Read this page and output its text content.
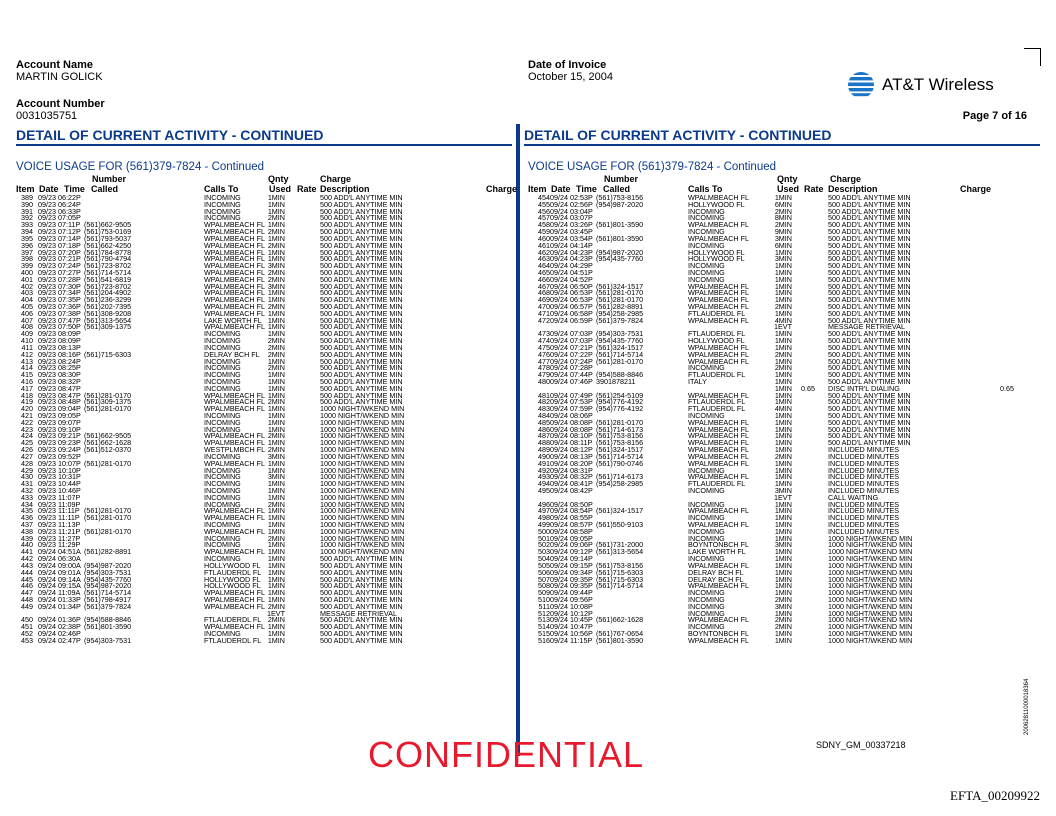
Account Name
MARTIN GOLICK
Account Number
0031035751
Date of Invoice
October 15, 2004	AT&T Wireless
Page 7 of 16
DETAIL OF CURRENT ACTIVITY - CONTINUED	DETAIL OF CURRENT ACTIVITY - CONTINUED
VOICE USAGE FOR (561)379-7824 - Continued	VOICE USAGE FOR (561)379-7824 - Continued
Number	Qnty	Charge
Item Date Time Called	Calls To	Used Rate Description	Charge
389 09/23 06:22P	INCOMING	1MIN	500 ADD'L ANYTIME MIN
390 09/23 06:24P	INCOMING	1MIN	500 ADD'L ANYTIME MIN
391 09/23 06:33P	INCOMING	1MIN	500 ADD'L ANYTIME MIN
392 09/23 07:05P	INCOMING	2MIN	500 ADD'L ANYTIME MIN
393 09/23 07:11P (561)662-9505	WPALMBEACH FL 1MIN	500 ADD'L ANYTIME MIN
394 09/23 07:12P (561)753-0169	WPALMBEACH FL 2MIN	500 ADD'L ANYTIME MIN
395 09/23 07:14P (561)793-5037	WPALMBEACH FL 1MIN	500 ADD'L ANYTIME MIN
396 09/23 07:18P (561)662-4250	WPALMBEACH FL 2MIN	500 ADD'L ANYTIME MIN
397 09/23 07:20P (561)784-8778	WPALMBEACH FL 1MIN	500 ADD'L ANYTIME MIN
398 09/23 07:21P (561)790-4794	WPALMBEACH FL 1MIN	500 ADD'L ANYTIME MIN
399 09/23 07:24P (561)723-8702	WPALMBEACH FL 3MIN	500 ADD'L ANYTIME MIN
400 09/23 07:27P (561)714-5714	WPALMBEACH FL 2MIN	500 ADD'L ANYTIME MIN
401 09/23 07:28P (561)541-6819	WPALMBEACH FL 2MIN	500 ADD'L ANYTIME MIN
402 09/23 07:30P (561)723-8702	WPALMBEACH FL 3MIN	500 ADD'L ANYTIME MIN
403 09/23 07:34P (561)204-4902	WPALMBEACH FL 1MIN	500 ADD'L ANYTIME MIN
404 09/23 07:35P (561)236-3299	WPALMBEACH FL 1MIN	500 ADD'L ANYTIME MIN
405 09/23 07:36P (561)202-7395	WPALMBEACH FL 2MIN	500 ADD'L ANYTIME MIN
406 09/23 07:38P (561)308-9208	WPALMBEACH FL 1MIN	500 ADD'L ANYTIME MIN
407 09/23 07:47P (561)313-5654	LAKE WORTH FL 1MIN	500 ADD'L ANYTIME MIN
408 09/23 07:50P (561)309-1375	WPALMBEACH FL 1MIN	500 ADD'L ANYTIME MIN
409 09/23 08:09P	INCOMING	1MIN	500 ADD'L ANYTIME MIN
410 09/23 08:09P	INCOMING	2MIN	500 ADD'L ANYTIME MIN
411 09/23 08:13P	INCOMING	2MIN	500 ADD'L ANYTIME MIN
412 09/23 08:16P (561)715-6303	DELRAY BCH FL 2MIN	500 ADD'L ANYTIME MIN
413 09/23 08:24P	INCOMING	1MIN	500 ADD'L ANYTIME MIN
414 09/23 08:25P	INCOMING	2MIN	500 ADD'L ANYTIME MIN
415 09/23 08:30P	INCOMING	1MIN	500 ADD'L ANYTIME MIN
416 09/23 08:32P	INCOMING	1MIN	500 ADD'L ANYTIME MIN
417 09/23 08:47P	INCOMING	1MIN	500 ADD'L ANYTIME MIN
418 09/23 08:47P (561)281-0170	WPALMBEACH FL 1MIN	500 ADD'L ANYTIME MIN
419 09/23 08:48P (561)309-1375	WPALMBEACH FL 2MIN	500 ADD'L ANYTIME MIN
420 09/23 09:04P (561)281-0170	WPALMBEACH FL 1MIN	1000 NIGHT/WKEND MIN
421 09/23 09:05P	INCOMING	1MIN	1000 NIGHT/WKEND MIN
422 09/23 09:07P	INCOMING	1MIN	1000 NIGHT/WKEND MIN
423 09/23 09:10P	INCOMING	1MIN	1000 NIGHT/WKEND MIN
424 09/23 09:21P (561)662-9505	WPALMBEACH FL 2MIN	1000 NIGHT/WKEND MIN
425 09/23 09:23P (561)662-1628	WPALMBEACH FL 1MIN	1000 NIGHT/WKEND MIN
426 09/23 09:24P (561)512-0370	WESTPLMBCH FL 2MIN	1000 NIGHT/WKEND MIN
427 09/23 09:52P	INCOMING	3MIN	1000 NIGHT/WKEND MIN
428 09/23 10:07P (561)281-0170	WPALMBEACH FL 1MIN	1000 NIGHT/WKEND MIN
429 09/23 10:10P	INCOMING	1MIN	1000 NIGHT/WKEND MIN
430 09/23 10:31P	INCOMING	3MIN	1000 NIGHT/WKEND MIN
431 09/23 10:44P	INCOMING	1MIN	1000 NIGHT/WKEND MIN
432 09/23 10:46P	INCOMING	1MIN	1000 NIGHT/WKEND MIN
433 09/23 11:07P	INCOMING	1MIN	1000 NIGHT/WKEND MIN
434 09/23 11:09P	INCOMING	2MIN	1000 NIGHT/WKEND MIN
435 09/23 11:11P (561)281-0170	WPALMBEACH FL 1MIN	1000 NIGHT/WKEND MIN
436 09/23 11:11P (561)281-0170	WPALMBEACH FL 1MIN	1000 NIGHT/WKEND MIN
437 09/23 11:13P	INCOMING	1MIN	1000 NIGHT/WKEND MIN
438 09/23 11:21P (561)281-0170	WPALMBEACH FL 1MIN	1000 NIGHT/WKEND MIN
439 09/23 11:27P	INCOMING	2MIN	1000 NIGHT/WKEND MIN
440 09/23 11:29P	INCOMING	1MIN	1000 NIGHT/WKEND MIN
441 09/24 04:51A (561)282-8891	WPALMBEACH FL 1MIN	1000 NIGHT/WKEND MIN
442 09/24 06:30A	INCOMING	1MIN	500 ADD'L ANYTIME MIN
443 09/24 09:00A (954)987-2020	HOLLYWOOD FL 1MIN	500 ADD'L ANYTIME MIN
444 09/24 09:01A (954)303-7531	FTLAUDERDL FL 1MIN	500 ADD'L ANYTIME MIN
445 09/24 09:14A (954)435-7760	HOLLYWOOD FL 1MIN	500 ADD'L ANYTIME MIN
446 09/24 09:15A (954)987-2020	HOLLYWOOD FL 1MIN	500 ADD'L ANYTIME MIN
447 09/24 11:09A (561)714-5714	WPALMBEACH FL 1MIN	500 ADD'L ANYTIME MIN
448 09/24 01:33P (561)798-4917	WPALMBEACH FL 1MIN	500 ADD'L ANYTIME MIN
449 09/24 01:34P (561)379-7824	WPALMBEACH FL 2MIN	500 ADD'L ANYTIME MIN
1EVT	MESSAGE RETRIEVAL
450 09/24 01:36P (954)588-8846	FTLAUDERDL FL 2MIN	500 ADD'L ANYTIME MIN
451 09/24 02:38P (561)801-3590	WPALMBEACH FL 1MIN	500 ADD'L ANYTIME MIN
452 09/24 02:46P	INCOMING	1MIN	500 ADD'L ANYTIME MIN
453 09/24 02:47P (954)303-7531	FTLAUDERDL FL 1MIN	500 ADD'L ANYTIME MIN
Number	Qnty	Charge
Item Date Time Called	Calls To	Used Rate Description	Charge
454 09/24 02:53P (561)753-8156	WPALMBEACH FL	1MIN	500 ADD'L ANYTIME MIN
455 09/24 02:56P (954)987-2020	HOLLYWOOD FL	6MIN	500 ADD'L ANYTIME MIN
456 09/24 03:04P	INCOMING	2MIN	500 ADD'L ANYTIME MIN
457 09/24 03:07P	INCOMING	8MIN	500 ADD'L ANYTIME MIN
458 09/24 03:26P (561)801-3590	WPALMBEACH FL	2MIN	500 ADD'L ANYTIME MIN
459 09/24 03:45P	INCOMING	9MIN	500 ADD'L ANYTIME MIN
460 09/24 03:54P (561)801-3590	WPALMBEACH FL	3MIN	500 ADD'L ANYTIME MIN
461 09/24 04:14P	INCOMING	6MIN	500 ADD'L ANYTIME MIN
462 09/24 04:23P (954)987-2020	HOLLYWOOD FL	1MIN	500 ADD'L ANYTIME MIN
463 09/24 04:23P (954)435-7760	HOLLYWOOD FL	3MIN	500 ADD'L ANYTIME MIN
464 09/24 04:29P	INCOMING	1MIN	500 ADD'L ANYTIME MIN
465 09/24 04:51P	INCOMING	1MIN	500 ADD'L ANYTIME MIN
466 09/24 04:52P	INCOMING	1MIN	500 ADD'L ANYTIME MIN
467 09/24 06:50P (561)324-1517	WPALMBEACH FL	1MIN	500 ADD'L ANYTIME MIN
468 09/24 06:53P (561)281-0170	WPALMBEACH FL	1MIN	500 ADD'L ANYTIME MIN
469 09/24 06:53P (561)281-0170	WPALMBEACH FL	1MIN	500 ADD'L ANYTIME MIN
470 09/24 06:57P (561)282-8891	WPALMBEACH FL	2MIN	500 ADD'L ANYTIME MIN
471 09/24 06:58P (954)258-2985	FTLAUDERDL FL	1MIN	500 ADD'L ANYTIME MIN
472 09/24 06:59P (561)379-7824	WPALMBEACH FL	4MIN	500 ADD'L ANYTIME MIN
1EVT	MESSAGE RETRIEVAL
473 09/24 07:03P (954)303-7531	FTLAUDERDL FL	1MIN	500 ADD'L ANYTIME MIN
474 09/24 07:03P (954)435-7760	HOLLYWOOD FL	1MIN	500 ADD'L ANYTIME MIN
475 09/24 07:21P (561)324-1517	WPALMBEACH FL	1MIN	500 ADD'L ANYTIME MIN
476 09/24 07:22P (561)714-5714	WPALMBEACH FL	2MIN	500 ADD'L ANYTIME MIN
477 09/24 07:24P (561)281-0170	WPALMBEACH FL	1MIN	500 ADD'L ANYTIME MIN
478 09/24 07:28P	INCOMING	2MIN	500 ADD'L ANYTIME MIN
479 09/24 07:44P (954)588-8846	FTLAUDERDL FL	1MIN	500 ADD'L ANYTIME MIN
480 09/24 07:46P 3901878211	ITALY	1MIN	500 ADD'L ANYTIME MIN
1MIN 0.65 DISC INTR'L DIALING	0.65
481 09/24 07:49P (561)254-5109	WPALMBEACH FL	1MIN	500 ADD'L ANYTIME MIN
482 09/24 07:53P (954)776-4192	FTLAUDERDL FL	1MIN	500 ADD'L ANYTIME MIN
483 09/24 07:59P (954)776-4192	FTLAUDERDL FL	4MIN	500 ADD'L ANYTIME MIN
484 09/24 08:06P	INCOMING	1MIN	500 ADD'L ANYTIME MIN
485 09/24 08:08P (561)281-0170	WPALMBEACH FL	1MIN	500 ADD'L ANYTIME MIN
486 09/24 08:08P (561)714-6173	WPALMBEACH FL	1MIN	500 ADD'L ANYTIME MIN
487 09/24 08:10P (561)753-8156	WPALMBEACH FL	1MIN	500 ADD'L ANYTIME MIN
488 09/24 08:11P (561)753-8156	WPALMBEACH FL	1MIN	500 ADD'L ANYTIME MIN
489 09/24 08:12P (561)324-1517	WPALMBEACH FL	1MIN	INCLUDED MINUTES
490 09/24 08:13P (561)714-5714	WPALMBEACH FL	2MIN	INCLUDED MINUTES
491 09/24 08:20P (561)790-0746	WPALMBEACH FL	1MIN	INCLUDED MINUTES
492 09/24 08:31P	INCOMING	1MIN	INCLUDED MINUTES
493 09/24 08:32P (561)714-6173	WPALMBEACH FL	1MIN	INCLUDED MINUTES
494 09/24 08:41P (954)258-2985	FTLAUDERDL FL	1MIN	INCLUDED MINUTES
495 09/24 08:42P	INCOMING	3MIN	INCLUDED MINUTES
1EVT	CALL WAITING
496 09/24 08:50P	INCOMING	1MIN	INCLUDED MINUTES
497 09/24 08:54P (561)324-1517	WPALMBEACH FL	1MIN	INCLUDED MINUTES
498 09/24 08:55P	INCOMING	1MIN	INCLUDED MINUTES
499 09/24 08:57P (561)550-9103	WPALMBEACH FL	1MIN	INCLUDED MINUTES
500 09/24 08:58P	INCOMING	1MIN	INCLUDED MINUTES
501 09/24 09:05P	INCOMING	1MIN	1000 NIGHT/WKEND MIN
502 09/24 09:06P (561)731-2000	BOYNTONBCH FL	3MIN	1000 NIGHT/WKEND MIN
503 09/24 09:12P (561)313-5654	LAKE WORTH FL	1MIN	1000 NIGHT/WKEND MIN
504 09/24 09:14P	INCOMING	1MIN	1000 NIGHT/WKEND MIN
505 09/24 09:15P (561)753-8156	WPALMBEACH FL	1MIN	1000 NIGHT/WKEND MIN
506 09/24 09:34P (561)715-6303	DELRAY BCH FL	1MIN	1000 NIGHT/WKEND MIN
507 09/24 09:35P (561)715-6303	DELRAY BCH FL	1MIN	1000 NIGHT/WKEND MIN
508 09/24 09:35P (561)714-5714	WPALMBEACH FL	1MIN	1000 NIGHT/WKEND MIN
509 09/24 09:44P	INCOMING	1MIN	1000 NIGHT/WKEND MIN
510 09/24 09:56P	INCOMING	2MIN	1000 NIGHT/WKEND MIN
511 09/24 10:08P	INCOMING	3MIN	1000 NIGHT/WKEND MIN
512 09/24 10:12P	INCOMING	1MIN	1000 NIGHT/WKEND MIN
513 09/24 10:45P (561)662-1628	WPALMBEACH FL	2MIN	1000 NIGHT/WKEND MIN
514 09/24 10:47P	INCOMING	2MIN	1000 NIGHT/WKEND MIN
515 09/24 10:56P (561)767-0654	BOYNTONBCH FL	1MIN	1000 NIGHT/WKEND MIN
516 09/24 11:15P (561)801-3590	WPALMBEACH FL	1MIN	1000 NIGHT/WKEND MIN
CONFIDENTIAL	SDNY_GM_00337218
20062811000018364
EFTA_00209922
